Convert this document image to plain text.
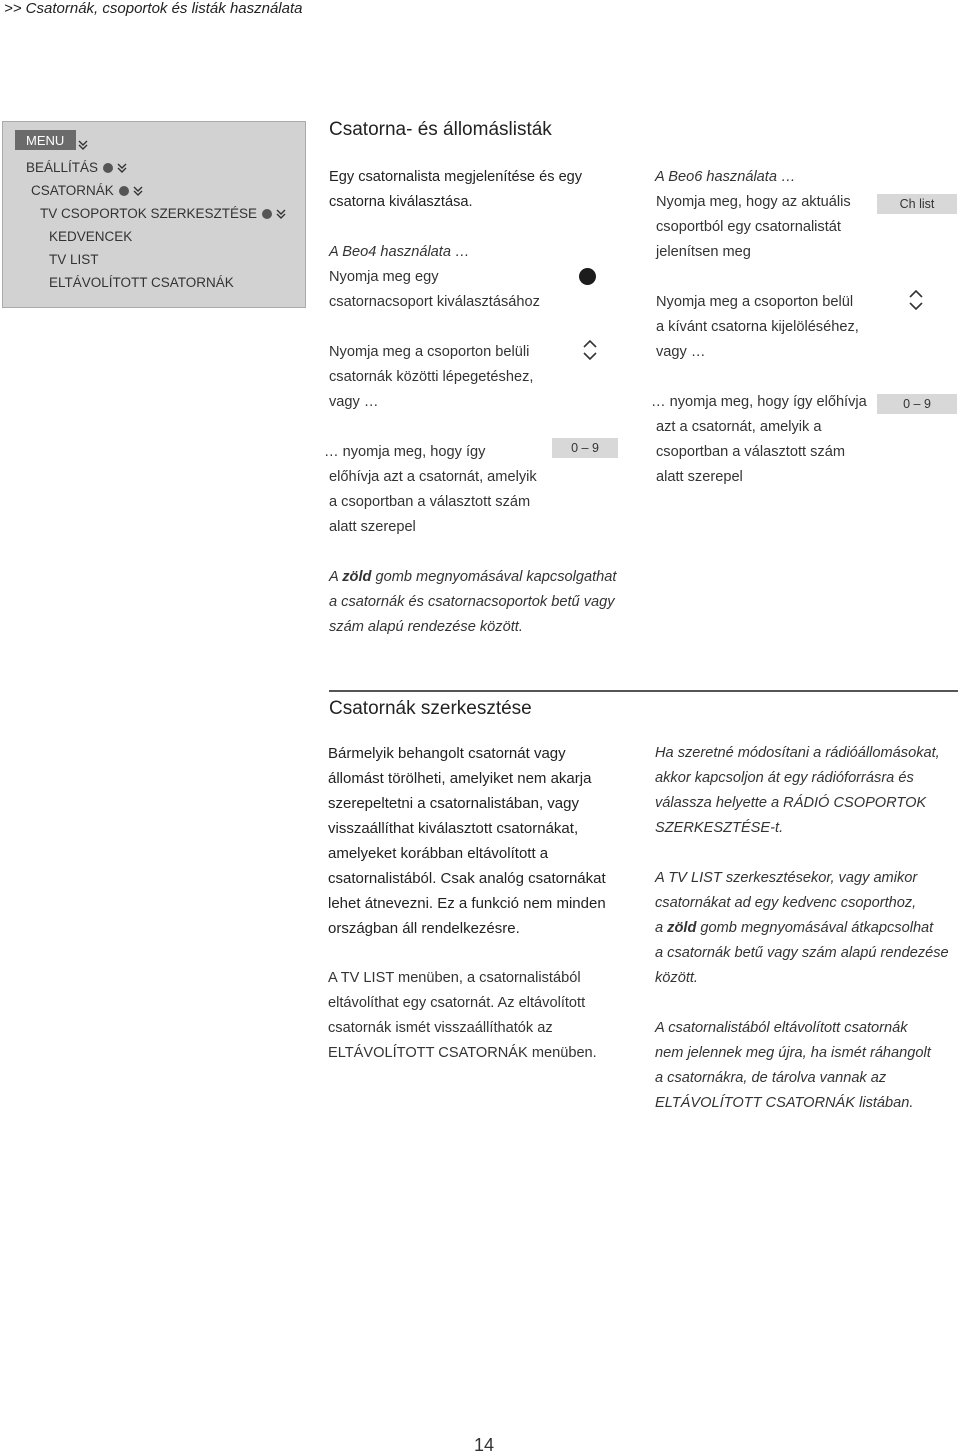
>> Csatornák, csoportok és listák használata
MENU
BEÁLLÍTÁS
CSATORNÁK
TV CSOPORTOK SZERKESZTÉSE
KEDVENCEK
TV LIST
ELTÁVOLÍTOTT CSATORNÁK
Csatorna- és állomáslisták
Egy csatornalista megjelenítése és egy
csatorna kiválasztása.
A Beo4 használata …
Nyomja meg egy
csatornacsoport kiválasztásához
Nyomja meg a csoporton belüli
csatornák közötti lépegetéshez,
vagy …
… nyomja meg, hogy így
előhívja azt a csatornát, amelyik
a csoportban a választott szám
alatt szerepel
0 – 9
A Beo6 használata …
Nyomja meg, hogy az aktuális
csoportból egy csatornalistát
jelenítsen meg
Ch list
Nyomja meg a csoporton belül
a kívánt csatorna kijelöléséhez,
vagy …
… nyomja meg, hogy így előhívja
azt a csatornát, amelyik a
csoportban a választott szám
alatt szerepel
0 – 9
A zöld gomb megnyomásával kapcsolgathat
a csatornák és csatornacsoportok betű vagy
szám alapú rendezése között.
Csatornák szerkesztése
Bármelyik behangolt csatornát vagy
állomást törölheti, amelyiket nem akarja
szerepeltetni a csatornalistában, vagy
visszaállíthat kiválasztott csatornákat,
amelyeket korábban eltávolított a
csatornalistából. Csak analóg csatornákat
lehet átnevezni. Ez a funkció nem minden
országban áll rendelkezésre.
A TV LIST menüben, a csatornalistából
eltávolíthat egy csatornát. Az eltávolított
csatornák ismét visszaállíthatók az
ELTÁVOLÍTOTT CSATORNÁK menüben.
Ha szeretné módosítani a rádióállomásokat,
akkor kapcsoljon át egy rádióforrásra és
válassza helyette a RÁDIÓ CSOPORTOK
SZERKESZTÉSE-t.
A TV LIST szerkesztésekor, vagy amikor
csatornákat ad egy kedvenc csoporthoz,
a zöld gomb megnyomásával átkapcsolhat
a csatornák betű vagy szám alapú rendezése
között.
A csatornalistából eltávolított csatornák
nem jelennek meg újra, ha ismét ráhangolt
a csatornákra, de tárolva vannak az
ELTÁVOLÍTOTT CSATORNÁK listában.
14
